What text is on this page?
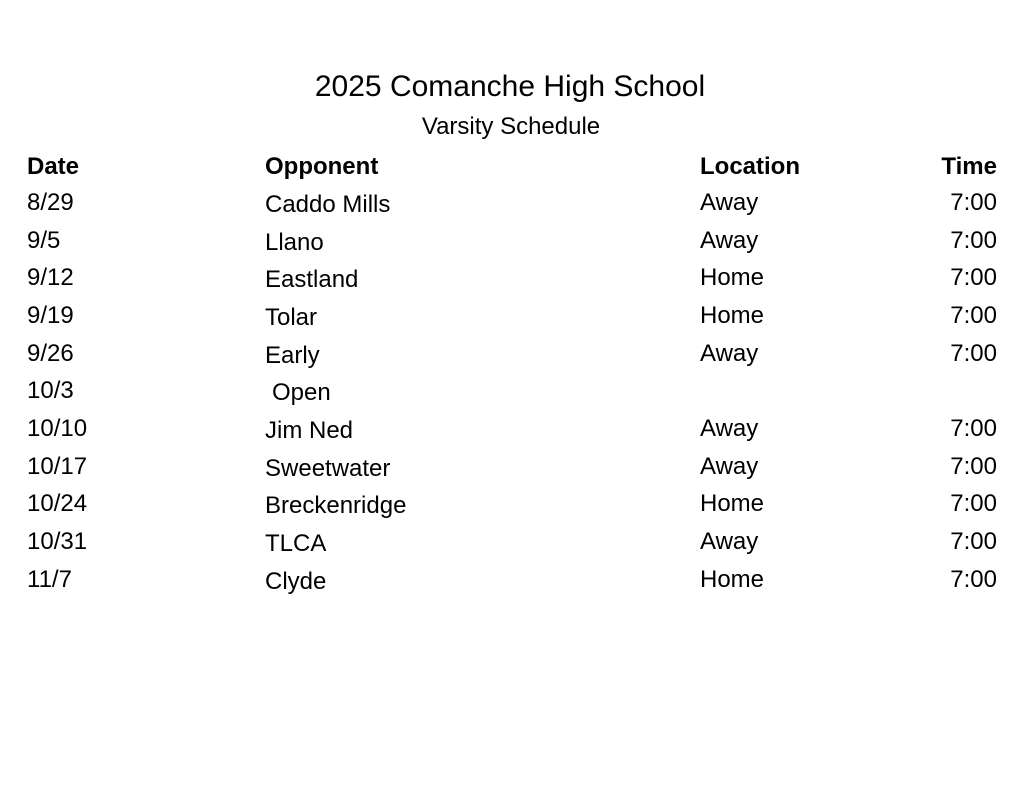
2025 Comanche High School
Varsity Schedule
Date	Opponent	Location	Time
8/29	Caddo Mills	Away	7:00
9/5	Llano	Away	7:00
9/12	Eastland	Home	7:00
9/19	Tolar	Home	7:00
9/26	Early	Away	7:00
10/3	Open
10/10	Jim Ned	Away	7:00
10/17	Sweetwater	Away	7:00
10/24	Breckenridge	Home	7:00
10/31	TLCA	Away	7:00
11/7	Clyde	Home	7:00
